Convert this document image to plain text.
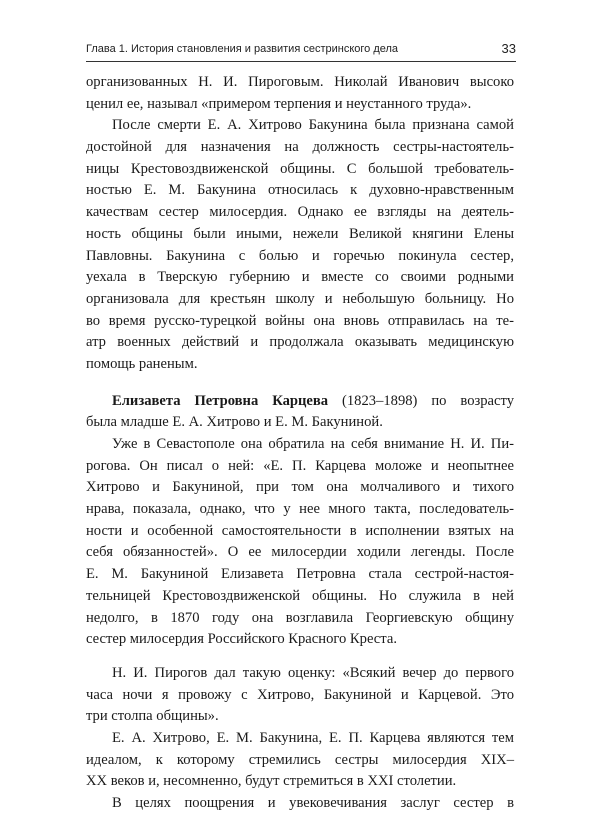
Глава 1. История становления и развития сестринского дела	33
организованных Н. И. Пироговым. Николай Иванович высоко
ценил ее, называл «примером терпения и неустанного труда».
После смерти Е. А. Хитрово Бакунина была признана самой
достойной для назначения на должность сестры-настоятель-
ницы Крестовоздвиженской общины. С большой требователь-
ностью Е. М. Бакунина относилась к духовно-нравственным
качествам сестер милосердия. Однако ее взгляды на деятель-
ность общины были иными, нежели Великой княгини Елены
Павловны. Бакунина с болью и горечью покинула сестер,
уехала в Тверскую губернию и вместе со своими родными
организовала для крестьян школу и небольшую больницу. Но
во время русско-турецкой войны она вновь отправилась на те-
атр военных действий и продолжала оказывать медицинскую
помощь раненым.
Елизавета Петровна Карцева (1823–1898) по возрасту
была младше Е. А. Хитрово и Е. М. Бакуниной.
Уже в Севастополе она обратила на себя внимание Н. И. Пи-
рогова. Он писал о ней: «Е. П. Карцева моложе и неопытнее
Хитрово и Бакуниной, при том она молчаливого и тихого
нрава, показала, однако, что у нее много такта, последователь-
ности и особенной самостоятельности в исполнении взятых на
себя обязанностей». О ее милосердии ходили легенды. После
Е. М. Бакуниной Елизавета Петровна стала сестрой-настоя-
тельницей Крестовоздвиженской общины. Но служила в ней
недолго, в 1870 году она возглавила Георгиевскую общину
сестер милосердия Российского Красного Креста.
Н. И. Пирогов дал такую оценку: «Всякий вечер до первого
часа ночи я провожу с Хитрово, Бакуниной и Карцевой. Это
три столпа общины».
Е. А. Хитрово, Е. М. Бакунина, Е. П. Карцева являются тем
идеалом, к которому стремились сестры милосердия XIX–
XX веков и, несомненно, будут стремиться в XXI столетии.
В целях поощрения и увековечивания заслуг сестер в
